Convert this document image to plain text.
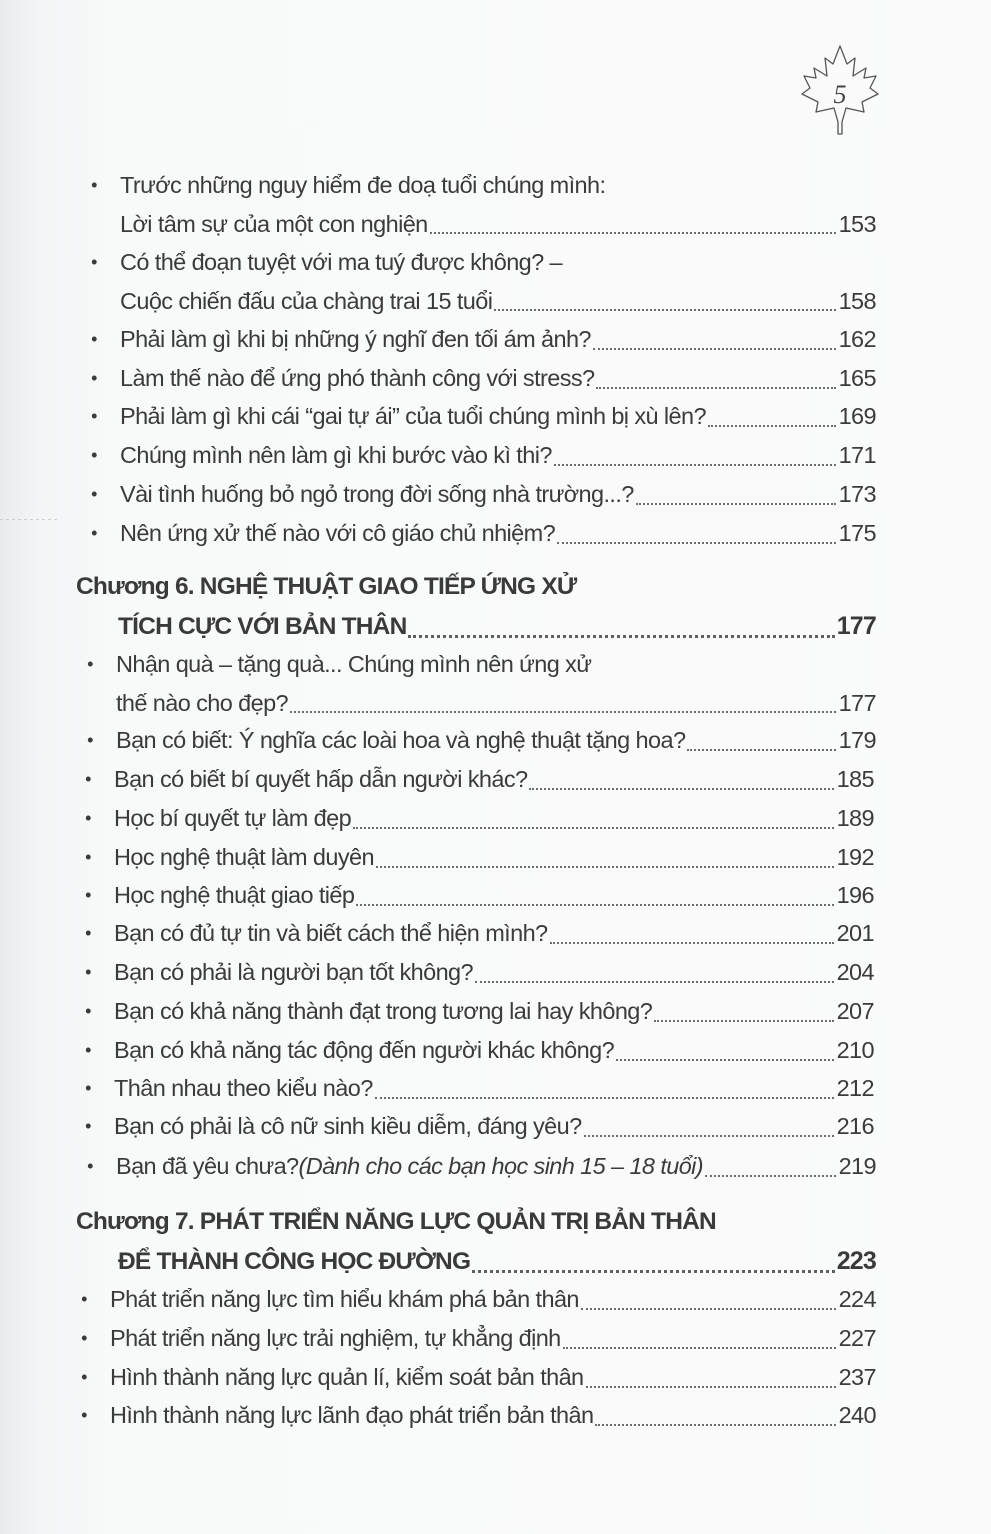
5
• Trước những nguy hiểm đe doạ tuổi chúng mình:
Lời tâm sự của một con nghiện	153
• Có thể đoạn tuyệt với ma tuý được không? –
Cuộc chiến đấu của chàng trai 15 tuổi	158
• Phải làm gì khi bị những ý nghĩ đen tối ám ảnh?	162
• Làm thế nào để ứng phó thành công với stress?	165
• Phải làm gì khi cái “gai tự ái” của tuổi chúng mình bị xù lên?	169
• Chúng mình nên làm gì khi bước vào kì thi?	171
• Vài tình huống bỏ ngỏ trong đời sống nhà trường...?	173
• Nên ứng xử thế nào với cô giáo chủ nhiệm?	175
Chương 6. NGHỆ THUẬT GIAO TIẾP ỨNG XỬ
TÍCH CỰC VỚI BẢN THÂN	177
• Nhận quà – tặng quà... Chúng mình nên ứng xử
thế nào cho đẹp?	177
• Bạn có biết: Ý nghĩa các loài hoa và nghệ thuật tặng hoa?	179
• Bạn có biết bí quyết hấp dẫn người khác?	185
• Học bí quyết tự làm đẹp	189
• Học nghệ thuật làm duyên	192
• Học nghệ thuật giao tiếp	196
• Bạn có đủ tự tin và biết cách thể hiện mình?	201
• Bạn có phải là người bạn tốt không?	204
• Bạn có khả năng thành đạt trong tương lai hay không?	207
• Bạn có khả năng tác động đến người khác không?	210
• Thân nhau theo kiểu nào?	212
• Bạn có phải là cô nữ sinh kiều diễm, đáng yêu?	216
• Bạn đã yêu chưa? (Dành cho các bạn học sinh 15 – 18 tuổi)	219
Chương 7. PHÁT TRIỂN NĂNG LỰC QUẢN TRỊ BẢN THÂN
ĐỂ THÀNH CÔNG HỌC ĐƯỜNG	223
• Phát triển năng lực tìm hiểu khám phá bản thân	224
• Phát triển năng lực trải nghiệm, tự khẳng định	227
• Hình thành năng lực quản lí, kiểm soát bản thân	237
• Hình thành năng lực lãnh đạo phát triển bản thân	240
